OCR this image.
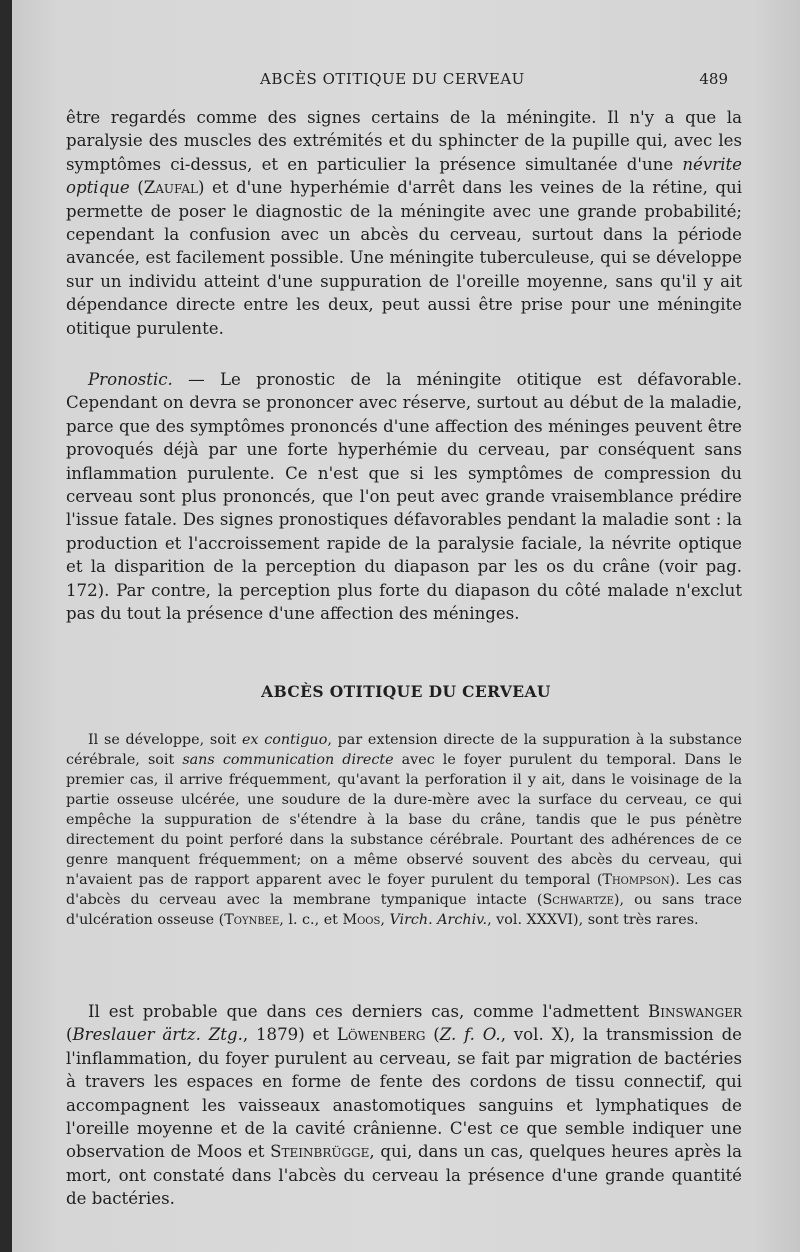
ABCÈS OTITIQUE DU CERVEAU	489

être regardés comme des signes certains de la méningite. Il n'y a que la paralysie des muscles des extrémités et du sphincter de la pupille qui, avec les symptômes ci-dessus, et en particulier la présence simultanée d'une névrite optique (Zaufal) et d'une hyperhémie d'arrêt dans les veines de la rétine, qui permette de poser le diagnostic de la méningite avec une grande probabilité; cependant la confusion avec un abcès du cerveau, surtout dans la période avancée, est facilement possible. Une méningite tuberculeuse, qui se développe sur un individu atteint d'une suppuration de l'oreille moyenne, sans qu'il y ait dépendance directe entre les deux, peut aussi être prise pour une méningite otitique purulente.

Pronostic. — Le pronostic de la méningite otitique est défavorable. Cependant on devra se prononcer avec réserve, surtout au début de la maladie, parce que des symptômes prononcés d'une affection des méninges peuvent être provoqués déjà par une forte hyperhémie du cerveau, par conséquent sans inflammation purulente. Ce n'est que si les symptômes de compression du cerveau sont plus prononcés, que l'on peut avec grande vraisemblance prédire l'issue fatale. Des signes pronostiques défavorables pendant la maladie sont : la production et l'accroissement rapide de la paralysie faciale, la névrite optique et la disparition de la perception du diapason par les os du crâne (voir pag. 172). Par contre, la perception plus forte du diapason du côté malade n'exclut pas du tout la présence d'une affection des méninges.

ABCÈS OTITIQUE DU CERVEAU

Il se développe, soit ex contiguo, par extension directe de la suppuration à la substance cérébrale, soit sans communication directe avec le foyer purulent du temporal. Dans le premier cas, il arrive fréquemment, qu'avant la perforation il y ait, dans le voisinage de la partie osseuse ulcérée, une soudure de la dure-mère avec la surface du cerveau, ce qui empêche la suppuration de s'étendre à la base du crâne, tandis que le pus pénètre directement du point perforé dans la substance cérébrale. Pourtant des adhérences de ce genre manquent fréquemment; on a même observé souvent des abcès du cerveau, qui n'avaient pas de rapport apparent avec le foyer purulent du temporal (Thompson). Les cas d'abcès du cerveau avec la membrane tympanique intacte (Schwartze), ou sans trace d'ulcération osseuse (Toynbee, l. c., et Moos, Virch. Archiv., vol. XXXVI), sont très rares.

Il est probable que dans ces derniers cas, comme l'admettent Binswanger (Breslauer ärtz. Ztg., 1879) et Löwenberg (Z. f. O., vol. X), la transmission de l'inflammation, du foyer purulent au cerveau, se fait par migration de bactéries à travers les espaces en forme de fente des cordons de tissu connectif, qui accompagnent les vaisseaux anastomotiques sanguins et lymphatiques de l'oreille moyenne et de la cavité crânienne. C'est ce que semble indiquer une observation de Moos et Steinbrügge, qui, dans un cas, quelques heures après la mort, ont constaté dans l'abcès du cerveau la présence d'une grande quantité de bactéries.
